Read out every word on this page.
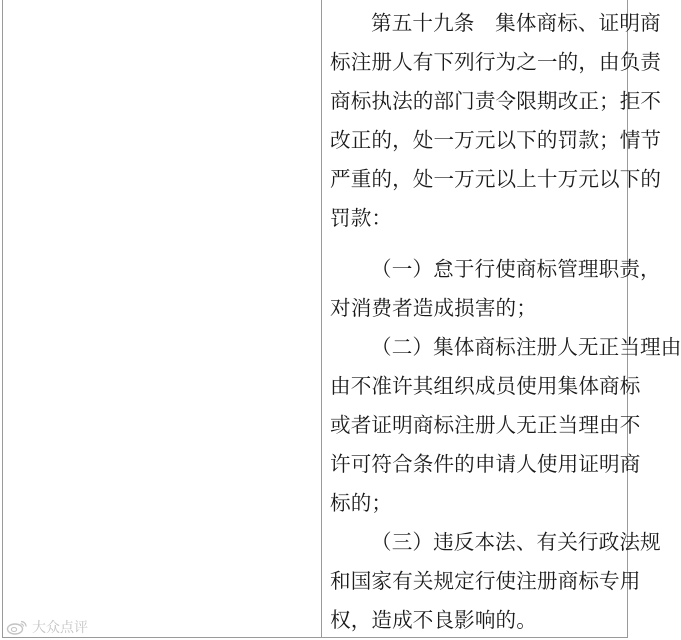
第五十九条　集体商标、证明商
标注册人有下列行为之一的，由负责
商标执法的部门责令限期改正；拒不
改正的，处一万元以下的罚款；情节
严重的，处一万元以上十万元以下的
罚款：
（一）怠于行使商标管理职责，
对消费者造成损害的；
（二）集体商标注册人无正当理由
由不准许其组织成员使用集体商标
或者证明商标注册人无正当理由不
许可符合条件的申请人使用证明商
标的；
（三）违反本法、有关行政法规
和国家有关规定行使注册商标专用
权，造成不良影响的。
大众点评
